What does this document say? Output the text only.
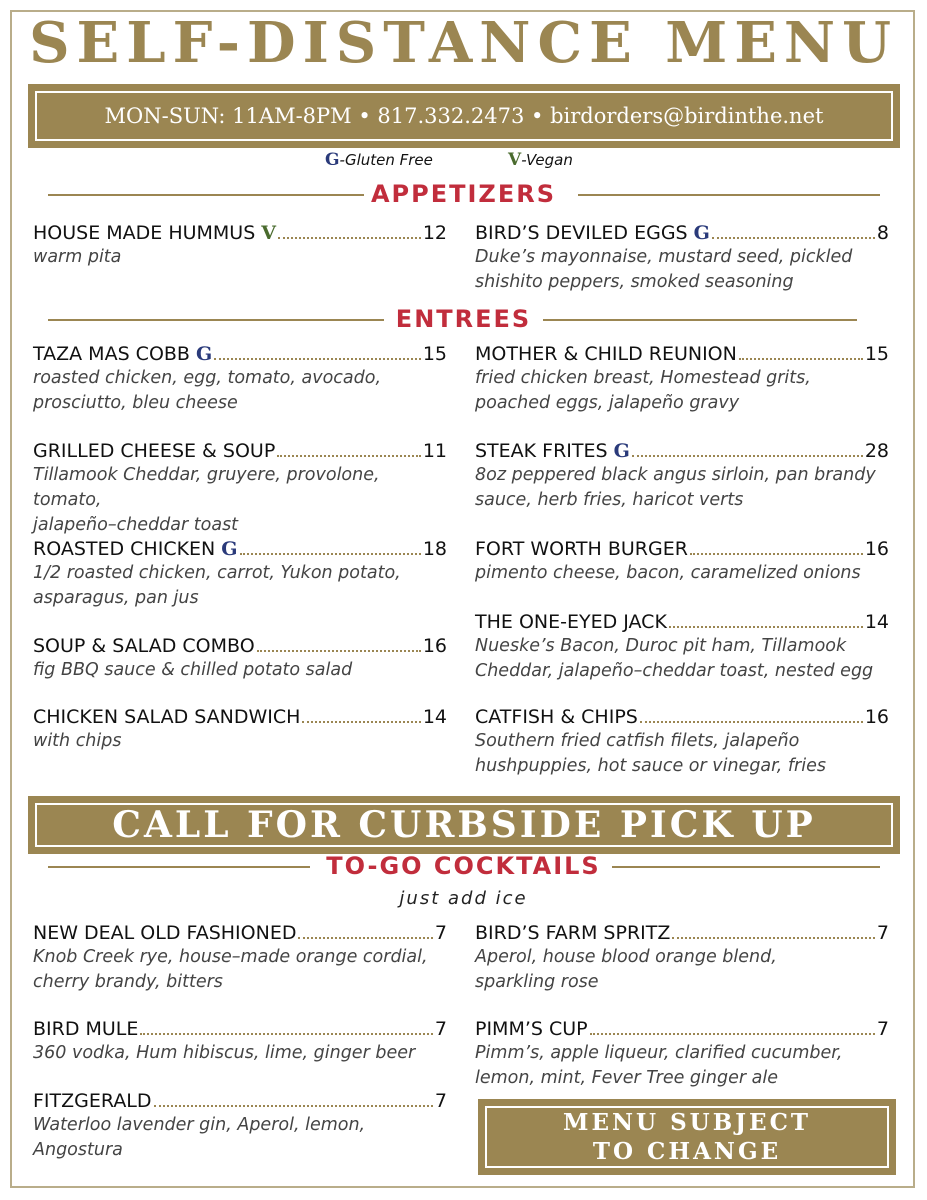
SELF-DISTANCE MENU
MON-SUN: 11AM-8PM • 817.332.2473 • birdorders@birdinthe.net
G-Gluten Free	V-Vegan
APPETIZERS
ENTREES
CALL FOR CURBSIDE PICK UP
TO-GO COCKTAILS
just add ice
MENU SUBJECT
TO CHANGE
HOUSE MADE HUMMUS V	12
warm pita
BIRD’S DEVILED EGGS G	8
Duke’s mayonnaise, mustard seed, pickled
shishito peppers, smoked seasoning
TAZA MAS COBB G	15
roasted chicken, egg, tomato, avocado,
prosciutto, bleu cheese
MOTHER & CHILD REUNION	15
fried chicken breast, Homestead grits,
poached eggs, jalapeño gravy
GRILLED CHEESE & SOUP	11
Tillamook Cheddar, gruyere, provolone, tomato,
jalapeño–cheddar toast
STEAK FRITES G	28
8oz peppered black angus sirloin, pan brandy
sauce, herb fries, haricot verts
ROASTED CHICKEN G	18
1/2 roasted chicken, carrot, Yukon potato,
asparagus, pan jus
FORT WORTH BURGER	16
pimento cheese, bacon, caramelized onions
SOUP & SALAD COMBO	16
fig BBQ sauce & chilled potato salad
THE ONE-EYED JACK	14
Nueske’s Bacon, Duroc pit ham, Tillamook
Cheddar, jalapeño–cheddar toast, nested egg
CHICKEN SALAD SANDWICH	14
with chips
CATFISH & CHIPS	16
Southern fried catfish filets, jalapeño
hushpuppies, hot sauce or vinegar, fries
NEW DEAL OLD FASHIONED	7
Knob Creek rye, house–made orange cordial,
cherry brandy, bitters
BIRD’S FARM SPRITZ	7
Aperol, house blood orange blend,
sparkling rose
BIRD MULE	7
360 vodka, Hum hibiscus, lime, ginger beer
PIMM’S CUP	7
Pimm’s, apple liqueur, clarified cucumber,
lemon, mint, Fever Tree ginger ale
FITZGERALD	7
Waterloo lavender gin, Aperol, lemon,
Angostura
